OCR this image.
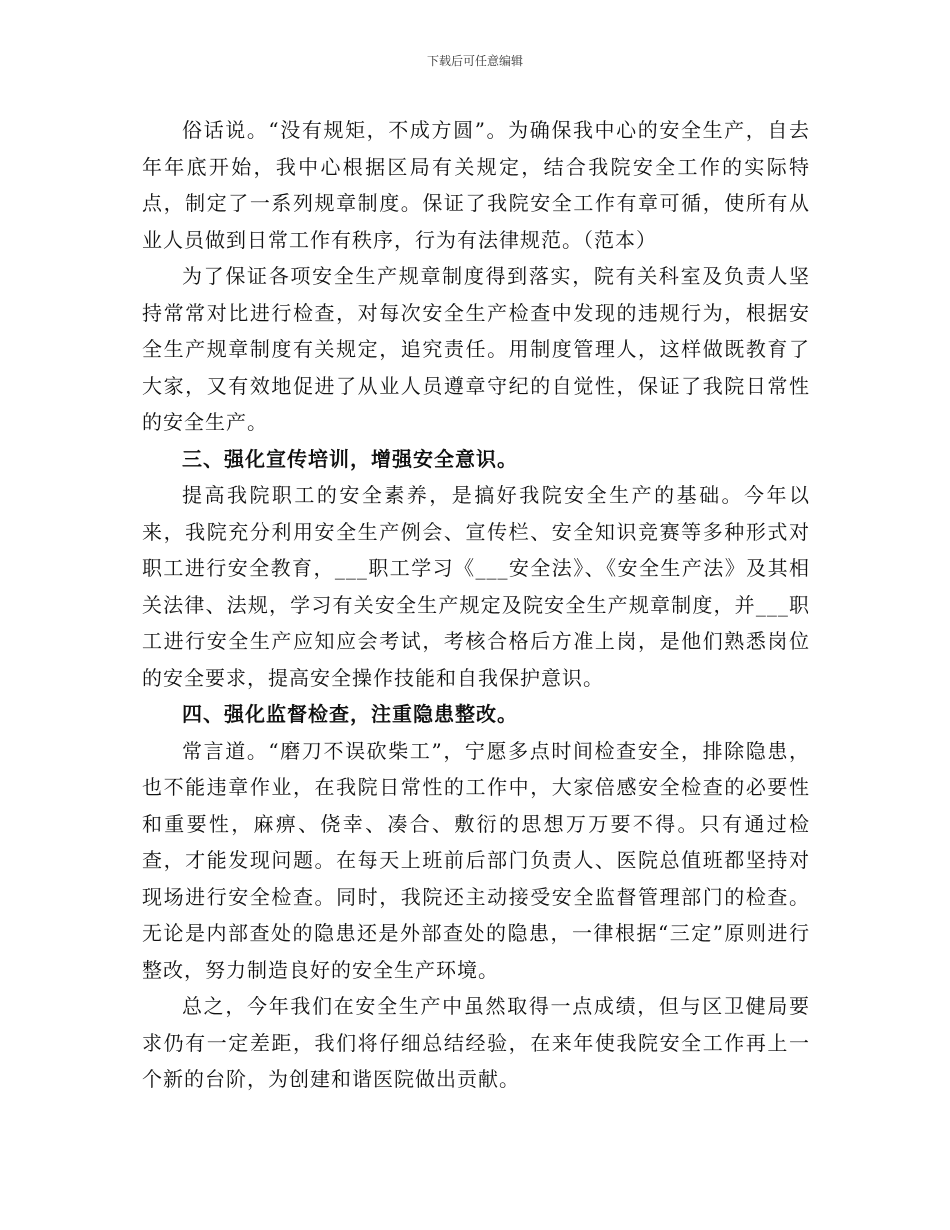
下载后可任意编辑

俗话说。“没有规矩，不成方圆”。为确保我中心的安全生产，自去年年底开始，我中心根据区局有关规定，结合我院安全工作的实际特点，制定了一系列规章制度。保证了我院安全工作有章可循，使所有从业人员做到日常工作有秩序，行为有法律规范。（范本）

为了保证各项安全生产规章制度得到落实，院有关科室及负责人坚持常常对比进行检查，对每次安全生产检查中发现的违规行为，根据安全生产规章制度有关规定，追究责任。用制度管理人，这样做既教育了大家，又有效地促进了从业人员遵章守纪的自觉性，保证了我院日常性的安全生产。

三、强化宣传培训，增强安全意识。

提高我院职工的安全素养，是搞好我院安全生产的基础。今年以来，我院充分利用安全生产例会、宣传栏、安全知识竞赛等多种形式对职工进行安全教育，___职工学习《___安全法》、《安全生产法》及其相关法律、法规，学习有关安全生产规定及院安全生产规章制度，并___职工进行安全生产应知应会考试，考核合格后方准上岗，是他们熟悉岗位的安全要求，提高安全操作技能和自我保护意识。

四、强化监督检查，注重隐患整改。

常言道。“磨刀不误砍柴工”，宁愿多点时间检查安全，排除隐患，也不能违章作业，在我院日常性的工作中，大家倍感安全检查的必要性和重要性，麻痹、侥幸、凑合、敷衍的思想万万要不得。只有通过检查，才能发现问题。在每天上班前后部门负责人、医院总值班都坚持对现场进行安全检查。同时，我院还主动接受安全监督管理部门的检查。无论是内部查处的隐患还是外部查处的隐患，一律根据“三定”原则进行整改，努力制造良好的安全生产环境。

总之，今年我们在安全生产中虽然取得一点成绩，但与区卫健局要求仍有一定差距，我们将仔细总结经验，在来年使我院安全工作再上一个新的台阶，为创建和谐医院做出贡献。
